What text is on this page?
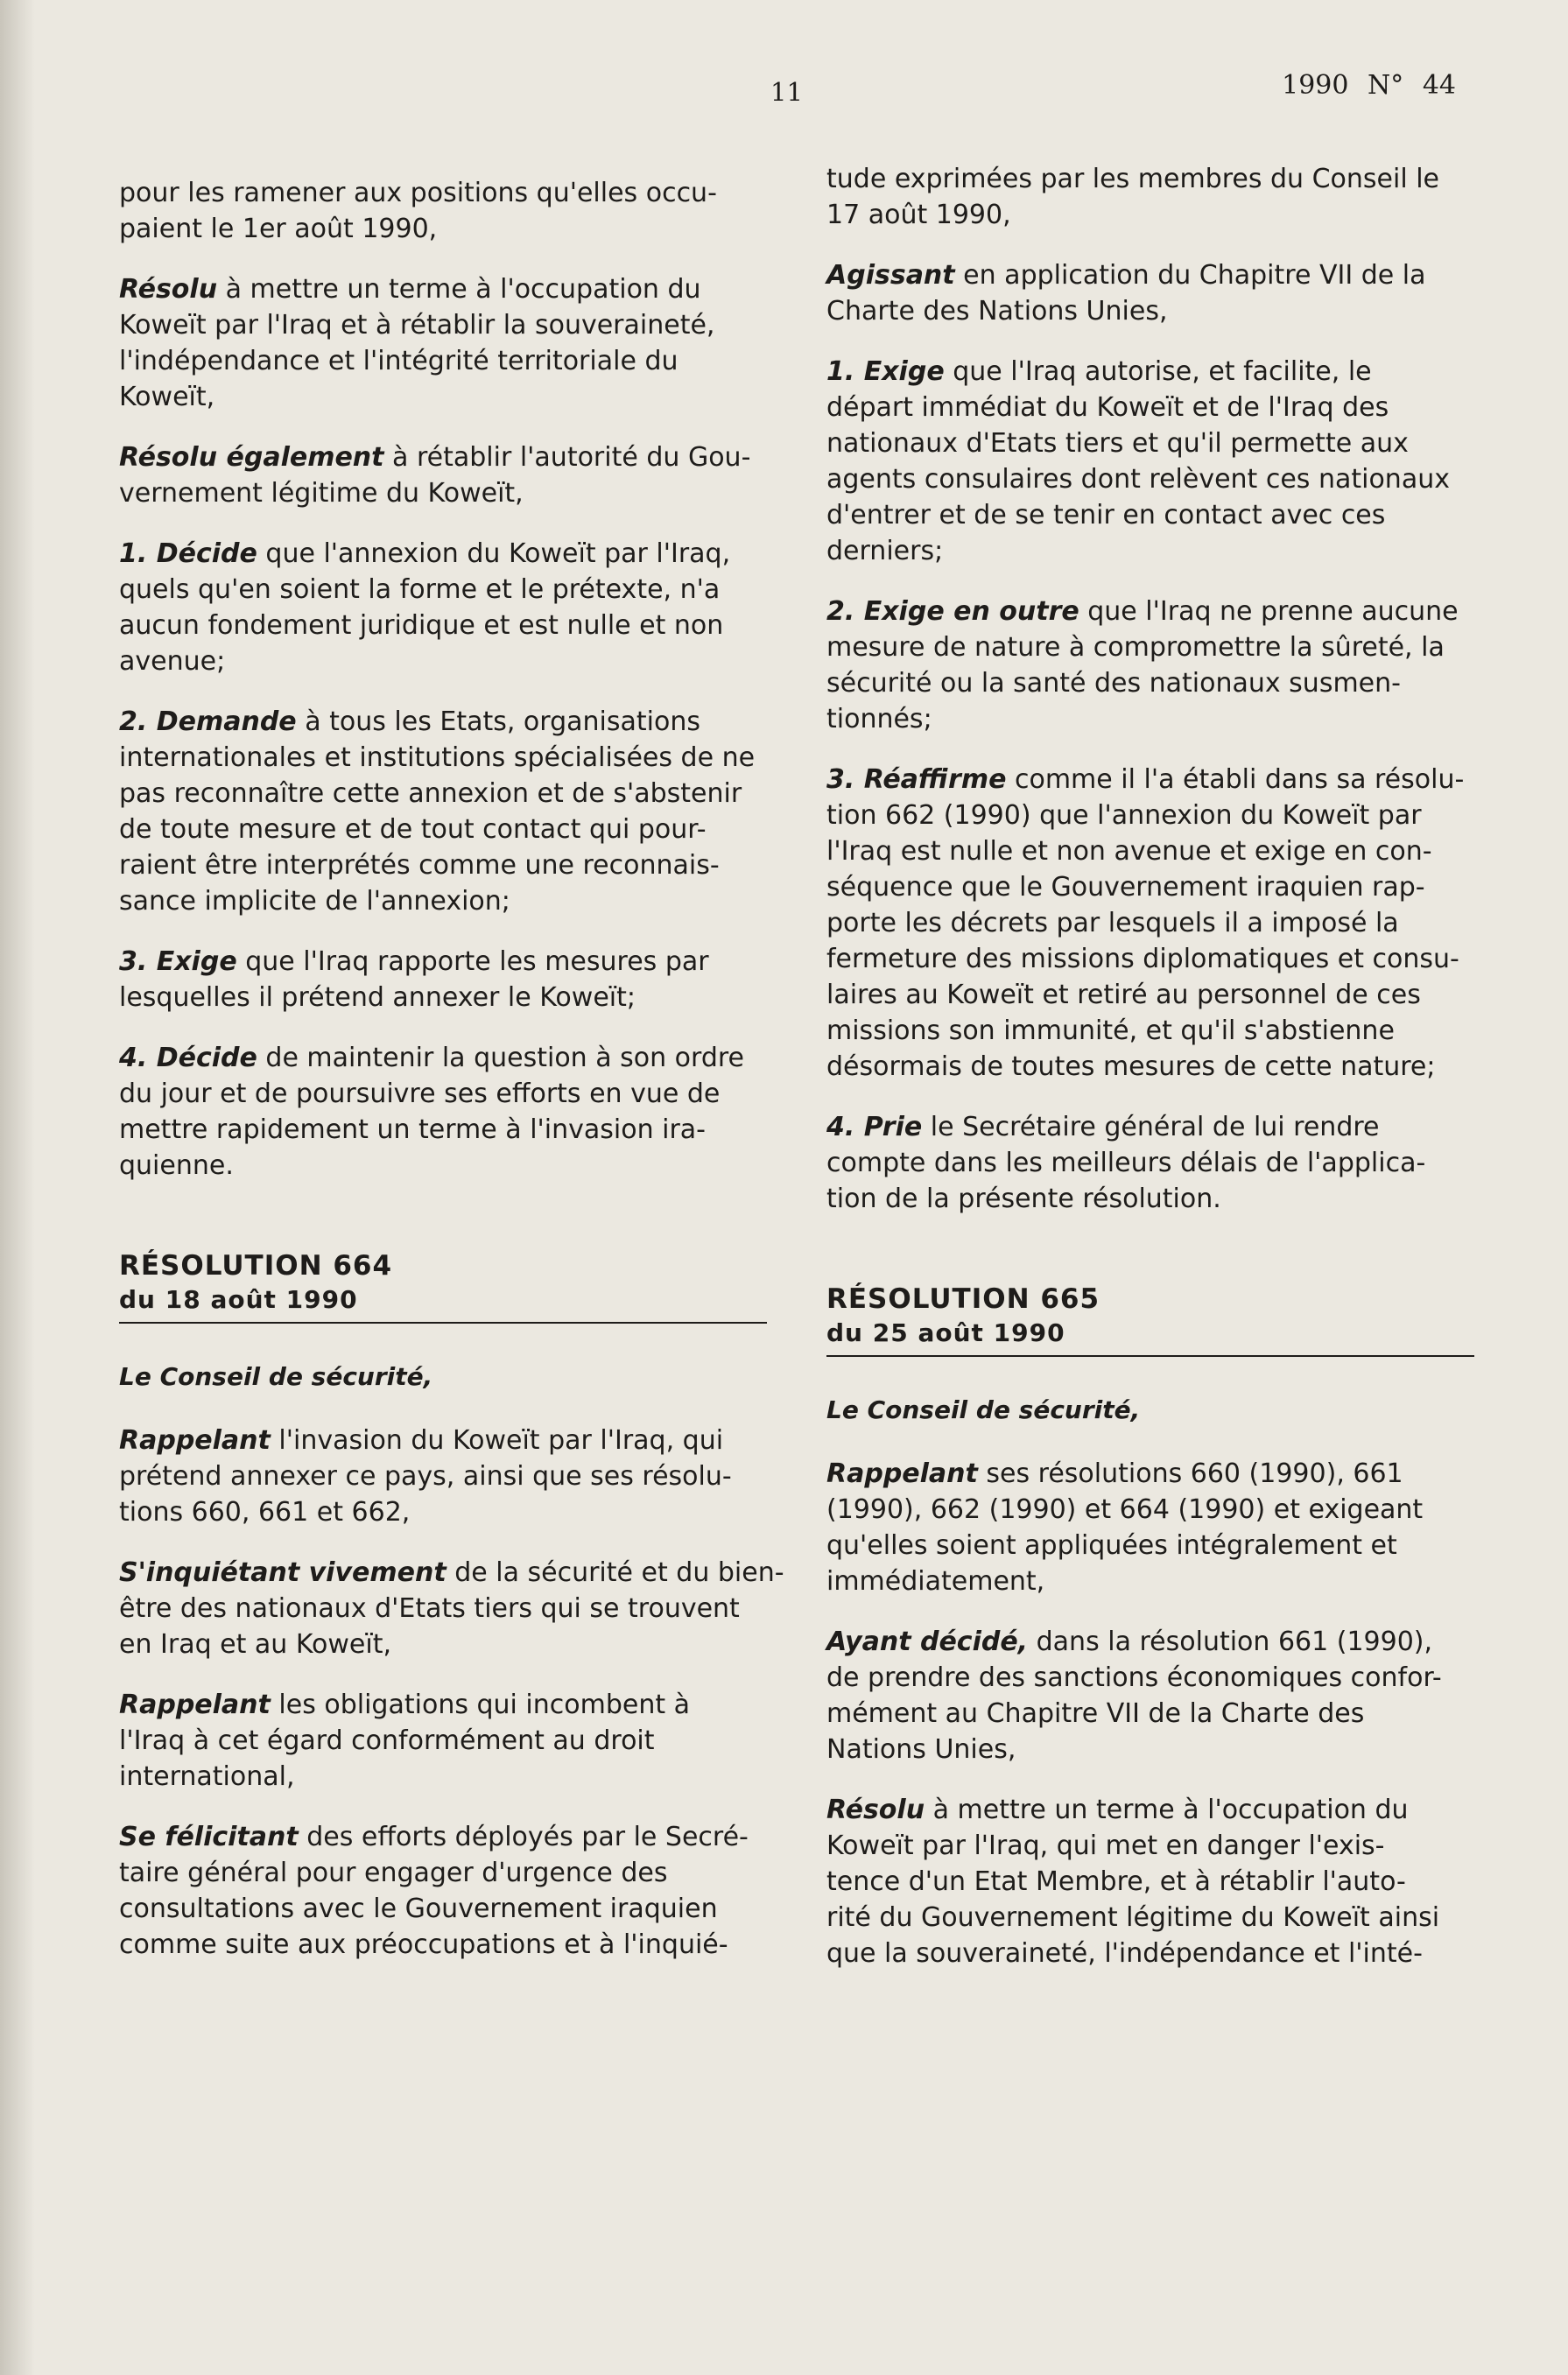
11	1990 N° 44

pour les ramener aux positions qu'elles occu-
paient le 1er août 1990,

Résolu à mettre un terme à l'occupation du
Koweït par l'Iraq et à rétablir la souveraineté,
l'indépendance et l'intégrité territoriale du
Koweït,

Résolu également à rétablir l'autorité du Gou-
vernement légitime du Koweït,

1. Décide que l'annexion du Koweït par l'Iraq,
quels qu'en soient la forme et le prétexte, n'a
aucun fondement juridique et est nulle et non
avenue;

2. Demande à tous les Etats, organisations
internationales et institutions spécialisées de ne
pas reconnaître cette annexion et de s'abstenir
de toute mesure et de tout contact qui pour-
raient être interprétés comme une reconnais-
sance implicite de l'annexion;

3. Exige que l'Iraq rapporte les mesures par
lesquelles il prétend annexer le Koweït;

4. Décide de maintenir la question à son ordre
du jour et de poursuivre ses efforts en vue de
mettre rapidement un terme à l'invasion ira-
quienne.

RÉSOLUTION 664
du 18 août 1990

Le Conseil de sécurité,

Rappelant l'invasion du Koweït par l'Iraq, qui
prétend annexer ce pays, ainsi que ses résolu-
tions 660, 661 et 662,

S'inquiétant vivement de la sécurité et du bien-
être des nationaux d'Etats tiers qui se trouvent
en Iraq et au Koweït,

Rappelant les obligations qui incombent à
l'Iraq à cet égard conformément au droit
international,

Se félicitant des efforts déployés par le Secré-
taire général pour engager d'urgence des
consultations avec le Gouvernement iraquien
comme suite aux préoccupations et à l'inquié-

tude exprimées par les membres du Conseil le
17 août 1990,

Agissant en application du Chapitre VII de la
Charte des Nations Unies,

1. Exige que l'Iraq autorise, et facilite, le
départ immédiat du Koweït et de l'Iraq des
nationaux d'Etats tiers et qu'il permette aux
agents consulaires dont relèvent ces nationaux
d'entrer et de se tenir en contact avec ces
derniers;

2. Exige en outre que l'Iraq ne prenne aucune
mesure de nature à compromettre la sûreté, la
sécurité ou la santé des nationaux susmen-
tionnés;

3. Réaffirme comme il l'a établi dans sa résolu-
tion 662 (1990) que l'annexion du Koweït par
l'Iraq est nulle et non avenue et exige en con-
séquence que le Gouvernement iraquien rap-
porte les décrets par lesquels il a imposé la
fermeture des missions diplomatiques et consu-
laires au Koweït et retiré au personnel de ces
missions son immunité, et qu'il s'abstienne
désormais de toutes mesures de cette nature;

4. Prie le Secrétaire général de lui rendre
compte dans les meilleurs délais de l'applica-
tion de la présente résolution.

RÉSOLUTION 665
du 25 août 1990

Le Conseil de sécurité,

Rappelant ses résolutions 660 (1990), 661
(1990), 662 (1990) et 664 (1990) et exigeant
qu'elles soient appliquées intégralement et
immédiatement,

Ayant décidé, dans la résolution 661 (1990),
de prendre des sanctions économiques confor-
mément au Chapitre VII de la Charte des
Nations Unies,

Résolu à mettre un terme à l'occupation du
Koweït par l'Iraq, qui met en danger l'exis-
tence d'un Etat Membre, et à rétablir l'auto-
rité du Gouvernement légitime du Koweït ainsi
que la souveraineté, l'indépendance et l'inté-
